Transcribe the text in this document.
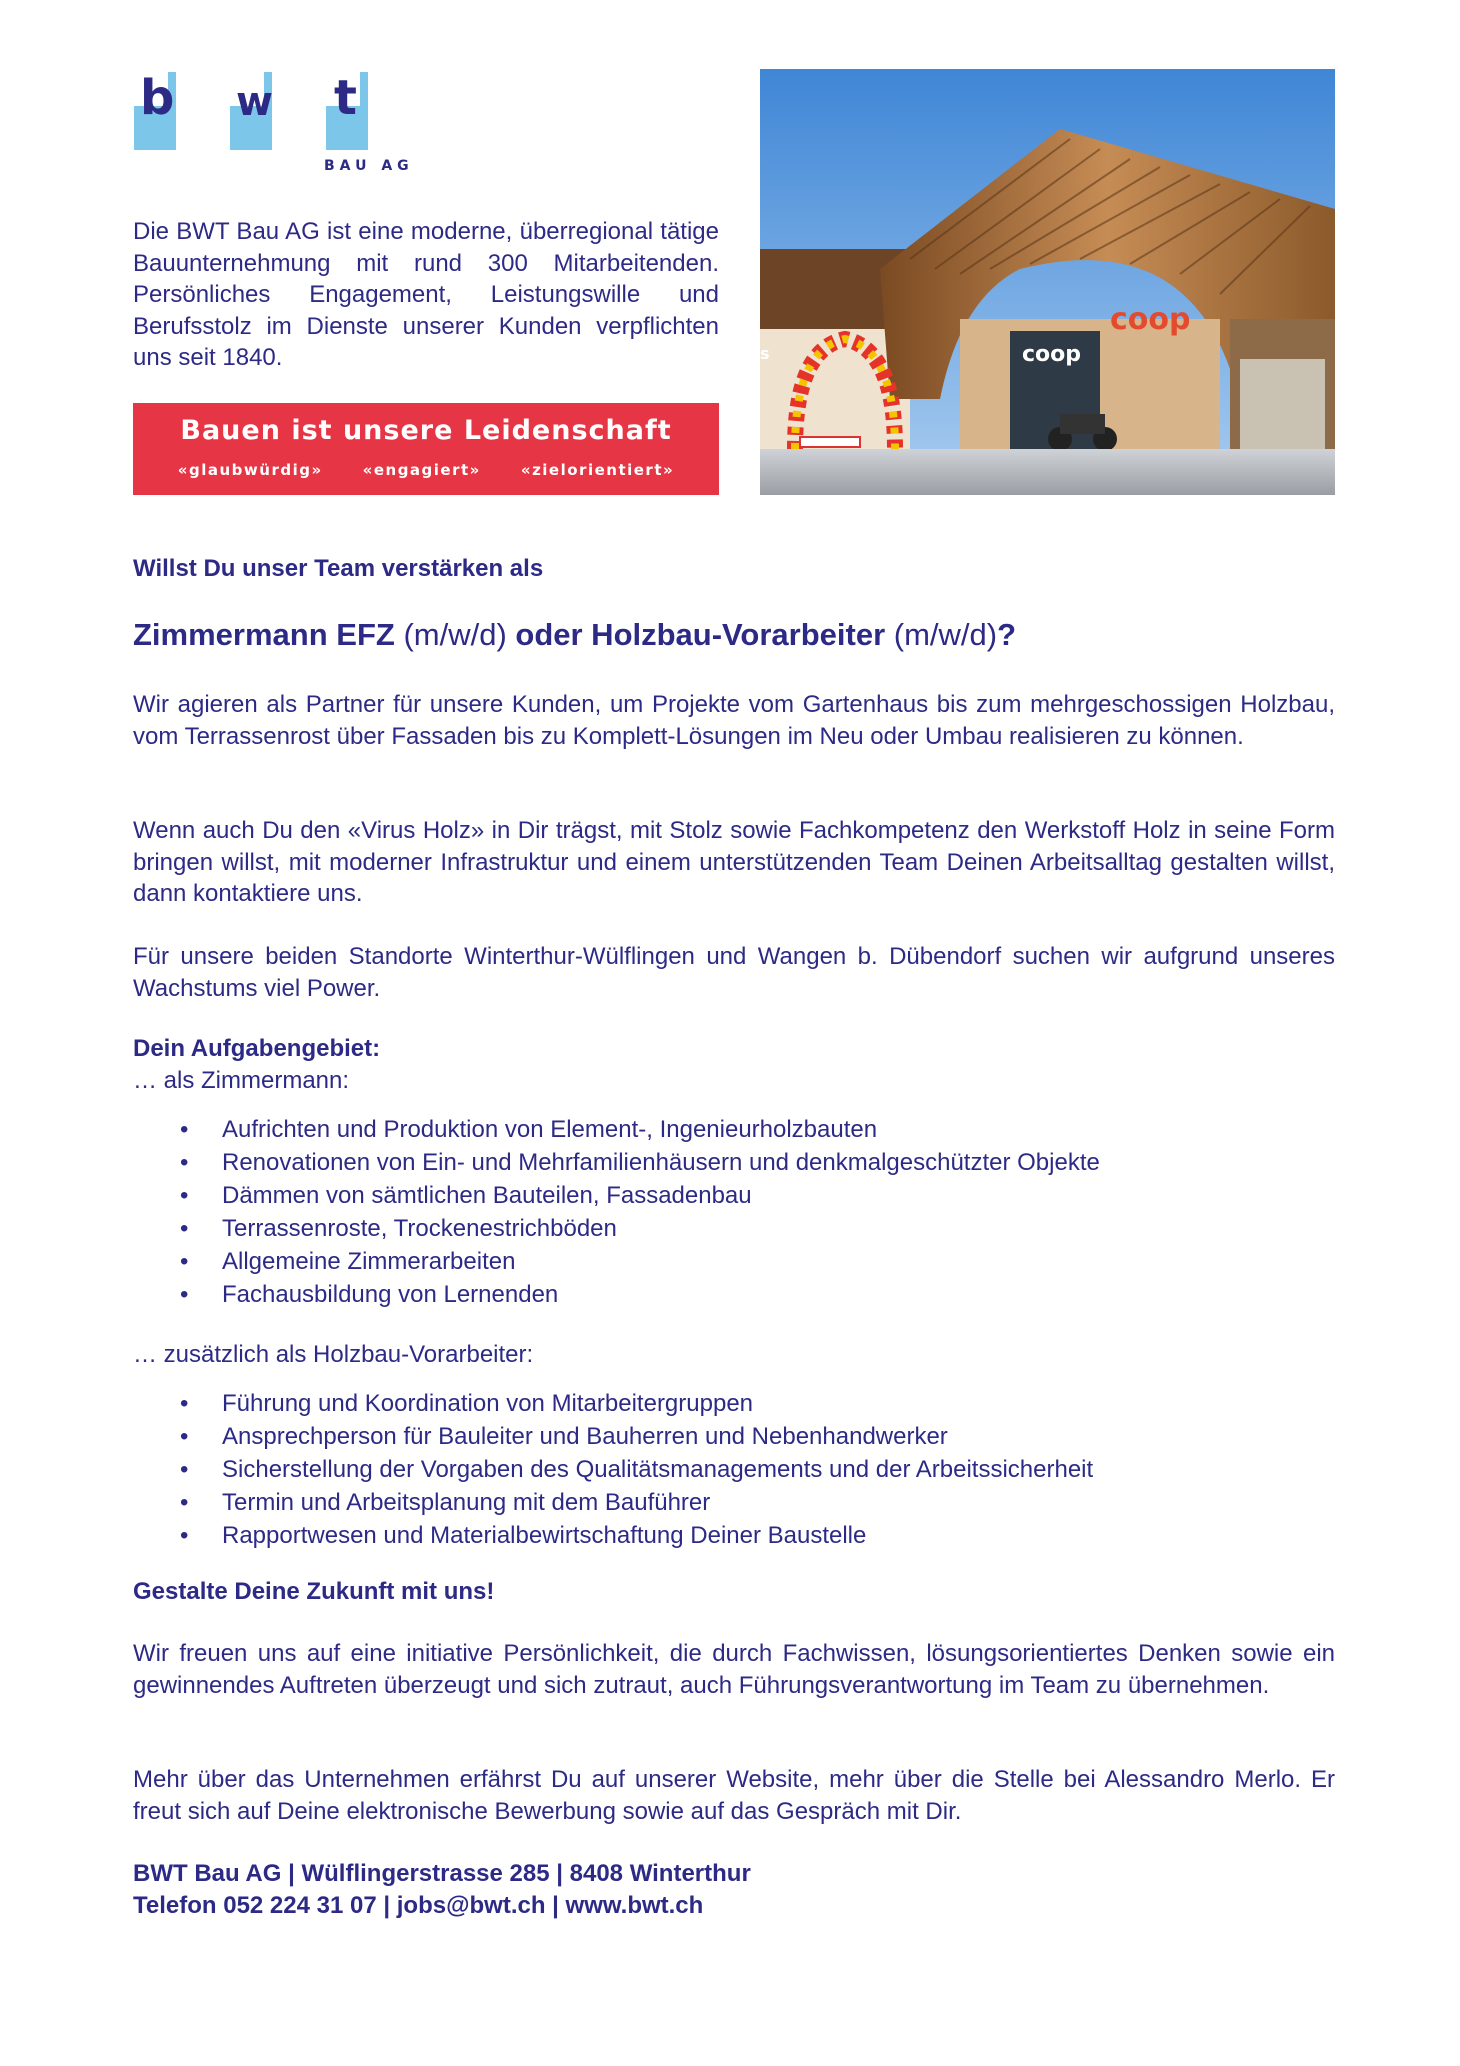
b w t
BAU AG

Die BWT Bau AG ist eine moderne, überregional tätige Bauunternehmung mit rund 300 Mitarbeitenden. Persönliches Engagement, Leistungswille und Berufsstolz im Dienste unserer Kunden verpflichten uns seit 1840.

Bauen ist unsere Leidenschaft
«glaubwürdig»	«engagiert»	«zielorientiert»
coop
coop
s

Willst Du unser Team verstärken als

Zimmermann EFZ (m/w/d) oder Holzbau-Vorarbeiter (m/w/d)?

Wir agieren als Partner für unsere Kunden, um Projekte vom Gartenhaus bis zum mehrgeschossigen Holzbau, vom Terrassenrost über Fassaden bis zu Komplett-Lösungen im Neu oder Umbau realisieren zu können.

Wenn auch Du den «Virus Holz» in Dir trägst, mit Stolz sowie Fachkompetenz den Werkstoff Holz in seine Form bringen willst, mit moderner Infrastruktur und einem unterstützenden Team Deinen Arbeitsalltag gestalten willst, dann kontaktiere uns.

Für unsere beiden Standorte Winterthur-Wülflingen und Wangen b. Dübendorf suchen wir aufgrund unseres Wachstums viel Power.

Dein Aufgabengebiet:

… als Zimmermann:

• Aufrichten und Produktion von Element-, Ingenieurholzbauten
• Renovationen von Ein- und Mehrfamilienhäusern und denkmalgeschützter Objekte
• Dämmen von sämtlichen Bauteilen, Fassadenbau
• Terrassenroste, Trockenestrichböden
• Allgemeine Zimmerarbeiten
• Fachausbildung von Lernenden

… zusätzlich als Holzbau-Vorarbeiter:

• Führung und Koordination von Mitarbeitergruppen
• Ansprechperson für Bauleiter und Bauherren und Nebenhandwerker
• Sicherstellung der Vorgaben des Qualitätsmanagements und der Arbeitssicherheit
• Termin und Arbeitsplanung mit dem Bauführer
• Rapportwesen und Materialbewirtschaftung Deiner Baustelle

Gestalte Deine Zukunft mit uns!

Wir freuen uns auf eine initiative Persönlichkeit, die durch Fachwissen, lösungsorientiertes Denken sowie ein gewinnendes Auftreten überzeugt und sich zutraut, auch Führungsverantwortung im Team zu übernehmen.

Mehr über das Unternehmen erfährst Du auf unserer Website, mehr über die Stelle bei Alessandro Merlo. Er freut sich auf Deine elektronische Bewerbung sowie auf das Gespräch mit Dir.

BWT Bau AG | Wülflingerstrasse 285 | 8408 Winterthur
Telefon 052 224 31 07 | jobs@bwt.ch | www.bwt.ch
